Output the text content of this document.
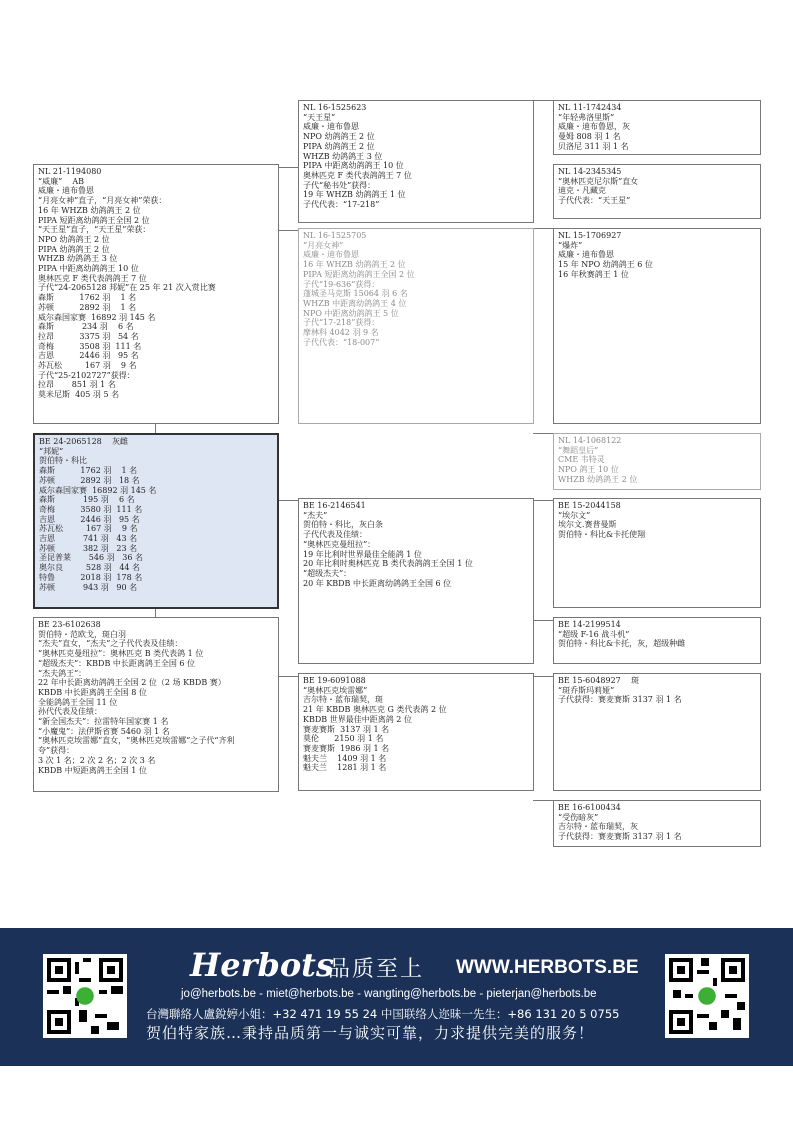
NL 16-1525623
“天王星”
威廉・迪布鲁恩
NPO 幼鸽鸽王 2 位
PIPA 幼鸽鸽王 2 位
WHZB 幼鸽鸽王 3 位
PIPA 中距离幼鸽鸽王 10 位
奥林匹克 F 类代表鸽鸽王 7 位
子代“秘书处”获得：
19 年 WHZB 幼鸽鸽王 1 位
子代代表：“17-218”
NL 11-1742434
“年轻弗洛里斯”
威廉・迪布鲁恩，灰
曼姆 808 羽 1 名
贝洛尼 311 羽 1 名
NL 14-2345345
“奥林匹克尼尔斯”直女
迪克・凡藏克
子代代表：“天王星”
NL 21-1194080
“威廉”    AB
威廉・迪布鲁恩
“月亮女神”直子，“月亮女神”荣获：
16 年 WHZB 幼鸽鸽王 2 位
PIPA 短距离幼鸽鸽王全国 2 位
“天王星”直子，“天王星”荣获：
NPO 幼鸽鸽王 2 位
PIPA 幼鸽鸽王 2 位
WHZB 幼鸽鸽王 3 位
PIPA 中距离幼鸽鸽王 10 位
奥林匹克 F 类代表鸽鸽王 7 位
子代“24-2065128 邦妮”在 25 年 21 次入赏比赛
森斯          1762 羽    1 名
苏顿          2892 羽    1 名
威尔森国家赛  16892 羽 145 名
森斯           234 羽    6 名
拉昂          3375 羽   54 名
奇梅          3508 羽  111 名
吉恩          2446 羽   95 名
苏瓦松         167 羽    9 名
子代“25-2102727”获得：
拉昂       851 羽 1 名
莫米尼斯  405 羽 5 名
NL 16-1525705
“月亮女神”
威廉・迪布鲁恩
16 年 WHZB 幼鸽鸽王 2 位
PIPA 短距离幼鸽鸽王全国 2 位
子代“19-636”获得：
蓬城圣马克斯 15064 羽 6 名
WHZB 中距离幼鸽鸽王 4 位
NPO 中距离幼鸽鸽王 5 位
子代“17-218”获得：
摩林科 4042 羽 9 名
子代代表：“18-007”
NL 15-1706927
“爆炸”
威廉・迪布鲁恩
15 年 NPO 幼鸽鸽王 6 位
16 年秋赛鸽王 1 位
NL 14-1068122
“舞蹈皇后”
CME 韦特灵
NPO 鸽王 10 位
WHZB 幼鸽鸽王 2 位
BE 24-2065128    灰雌
“邦妮”
贺伯特・科比
森斯          1762 羽    1 名
苏顿          2892 羽   18 名
威尔森国家赛  16892 羽 145 名
森斯           195 羽    6 名
奇梅          3580 羽  111 名
吉恩          2446 羽   95 名
苏瓦松         167 羽    9 名
吉恩           741 羽   43 名
苏顿           382 羽   23 名
圣昆普莱       546 羽   36 名
奥尔良         528 羽   44 名
特鲁          2018 羽  178 名
苏顿           943 羽   90 名
BE 16-2146541
“杰夫”
贺伯特・科比，灰白条
子代代表及佳绩：
“奥林匹克曼纽拉”：
19 年比利时世界最佳全能鸽 1 位
20 年比利时奥林匹克 B 类代表鸽鸽王全国 1 位
“超级杰夫”：
20 年 KBDB 中长距离幼鸽鸽王全国 6 位
BE 15-2044158
“埃尔文”
埃尔文.赛普曼斯
贺伯特・科比&卡托使翔
BE 14-2199514
“超级 F-16 战斗机”
贺伯特・科比&卡托，灰，超级种雌
BE 23-6102638
贺伯特・范欧戈，斑白羽
“杰夫”直女，“杰夫”之子代代表及佳绩：
“奥林匹克曼纽拉”：奥林匹克 B 类代表鸽 1 位
“超级杰夫”：KBDB 中长距离鸽王全国 6 位
“杰夫鸽王”：
22 年中长距离幼鸽鸽王全国 2 位（2 场 KBDB 赛）
KBDB 中长距离鸽王全国 8 位
全能鸽鸽王全国 11 位
孙代代表及佳绩：
“新全国杰夫”：拉雷特年国家赛 1 名
“小魔鬼”：法伊斯省赛 5460 羽 1 名
“奥林匹克埃雷娜”直女，“奥林匹克埃雷娜”之子代“齐利
夸”获得：
3 次 1 名；2 次 2 名；2 次 3 名
KBDB 中短距离鸽王全国 1 位
BE 19-6091088
“奥林匹克埃雷娜”
吉尔特・蓝布瑞契，斑
21 年 KBDB 奥林匹克 G 类代表鸽 2 位
KBDB 世界最佳中距离鸽 2 位
赛麦赛斯  3137 羽 1 名
莫伦      2150 羽 1 名
赛麦赛斯  1986 羽 1 名
魁夫兰    1409 羽 1 名
魁夫兰    1281 羽 1 名
BE 15-6048927    斑
“斑乔斯玛莉娅”
子代获得：赛麦赛斯 3137 羽 1 名
BE 16-6100434
“受伤暗灰”
吉尔特・蓝布瑞契，灰
子代获得：赛麦赛斯 3137 羽 1 名
Herbots
品质至上 WWW.HERBOTS.BE
jo@herbots.be - miet@herbots.be - wangting@herbots.be - pieterjan@herbots.be
台灣聯絡人盧銳婷小姐：+32 471 19 55 24 中国联络人迩昧一先生：+86 131 20 5 0755
贺伯特家族…秉持品质第一与诚实可靠，力求提供完美的服务！
